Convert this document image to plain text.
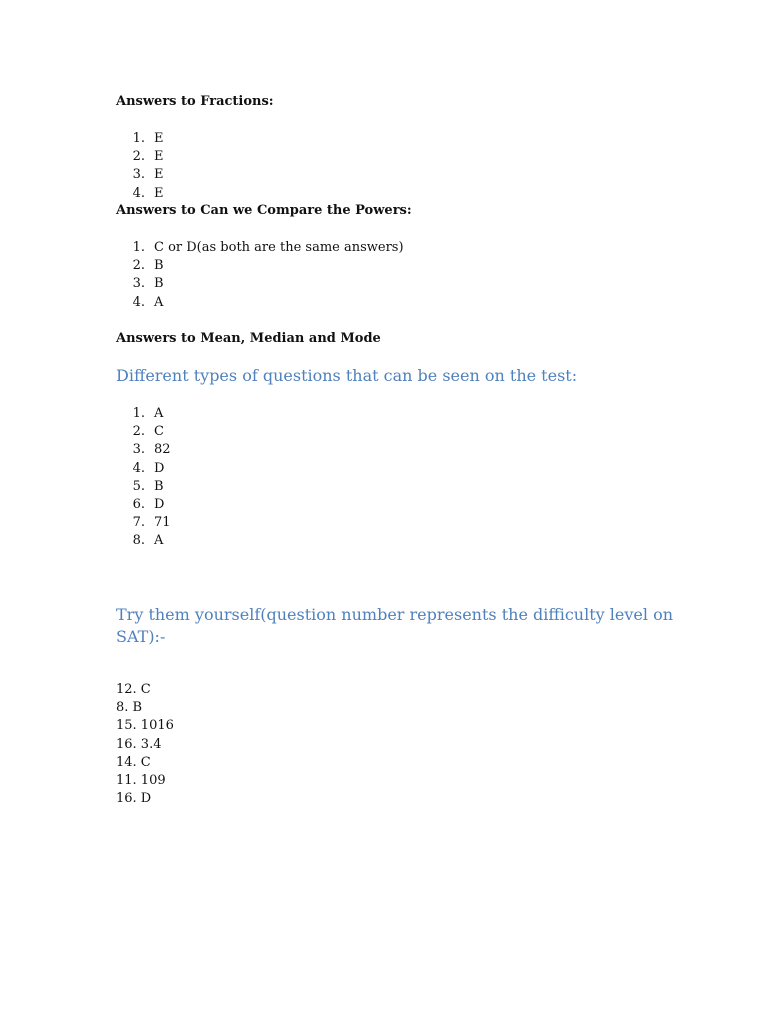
Answers to Fractions:
1. E
2. E
3. E
4. E
Answers to Can we Compare the Powers:
1. C or D(as both are the same answers)
2. B
3. B
4. A
Answers to Mean, Median and Mode
Different types of questions that can be seen on the test:
1. A
2. C
3. 82
4. D
5. B
6. D
7. 71
8. A
Try them yourself(question number represents the difficulty level on SAT):-
12. C
8. B
15. 1016
16. 3.4
14. C
11. 109
16. D
